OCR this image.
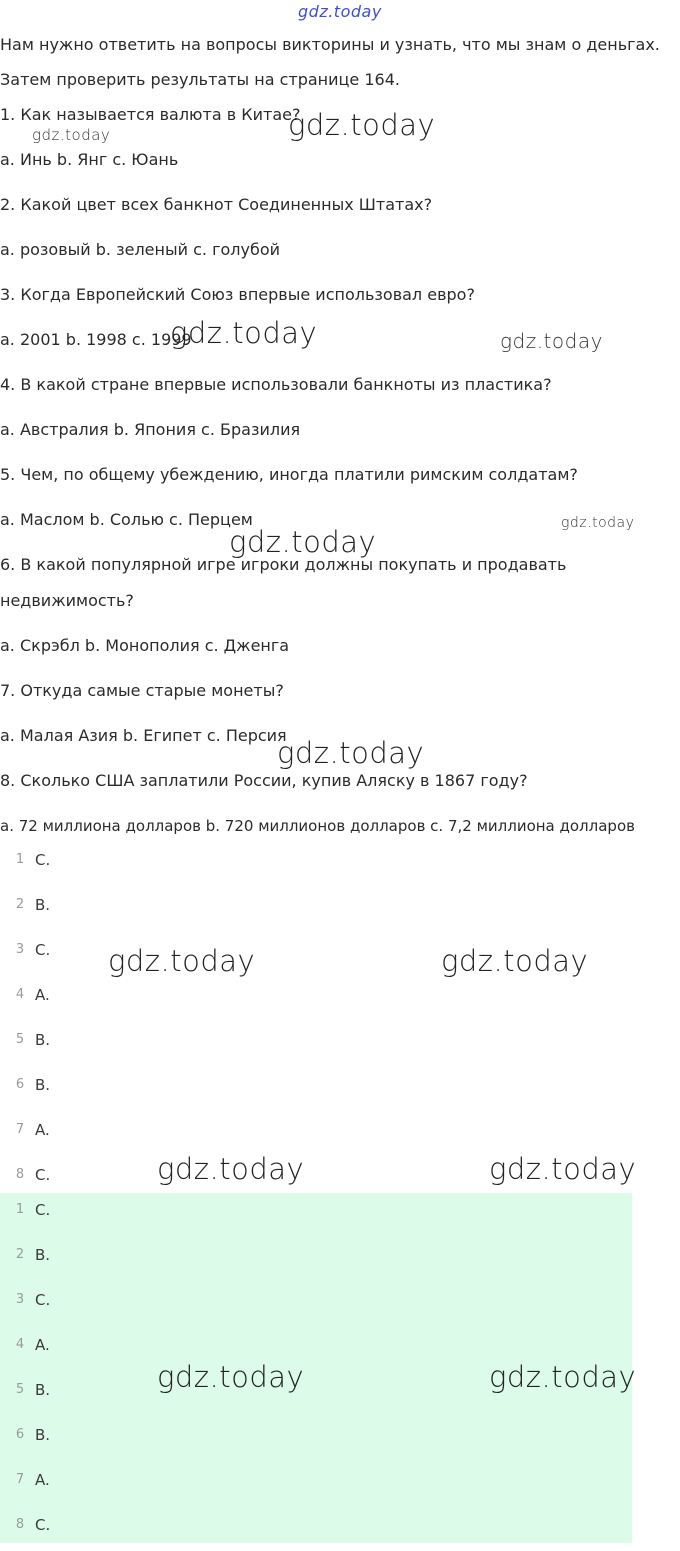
gdz.today
Нам нужно ответить на вопросы викторины и узнать, что мы знам о деньгах.
Затем проверить результаты на странице 164.
1. Как называется валюта в Китае?
a. Инь b. Янг c. Юань
2. Какой цвет всех банкнот Соединенных Штатах?
a. розовый b. зеленый c. голубой
3. Когда Европейский Союз впервые использовал евро?
a. 2001 b. 1998 c. 1999
4. В какой стране впервые использовали банкноты из пластика?
a. Австралия b. Япония c. Бразилия
5. Чем, по общему убеждению, иногда платили римским солдатам?
a. Маслом b. Солью c. Перцем
6. В какой популярной игре игроки должны покупать и продавать
недвижимость?
a. Скрэбл b. Монополия c. Дженга
7. Откуда самые старые монеты?
a. Малая Азия b. Египет c. Персия
8. Сколько США заплатили России, купив Аляску в 1867 году?
a. 72 миллиона долларов b. 720 миллионов долларов c. 7,2 миллиона долларов
1 C.
2 B.
3 C.
4 A.
5 B.
6 B.
7 A.
8 C.
1 C.
2 B.
3 C.
4 A.
5 B.
6 B.
7 A.
8 C.
gdz.today
gdz.today
gdz.today	gdz.today
gdz.today
gdz.today
gdz.today
gdz.today	gdz.today
gdz.today	gdz.today
gdz.today	gdz.today
